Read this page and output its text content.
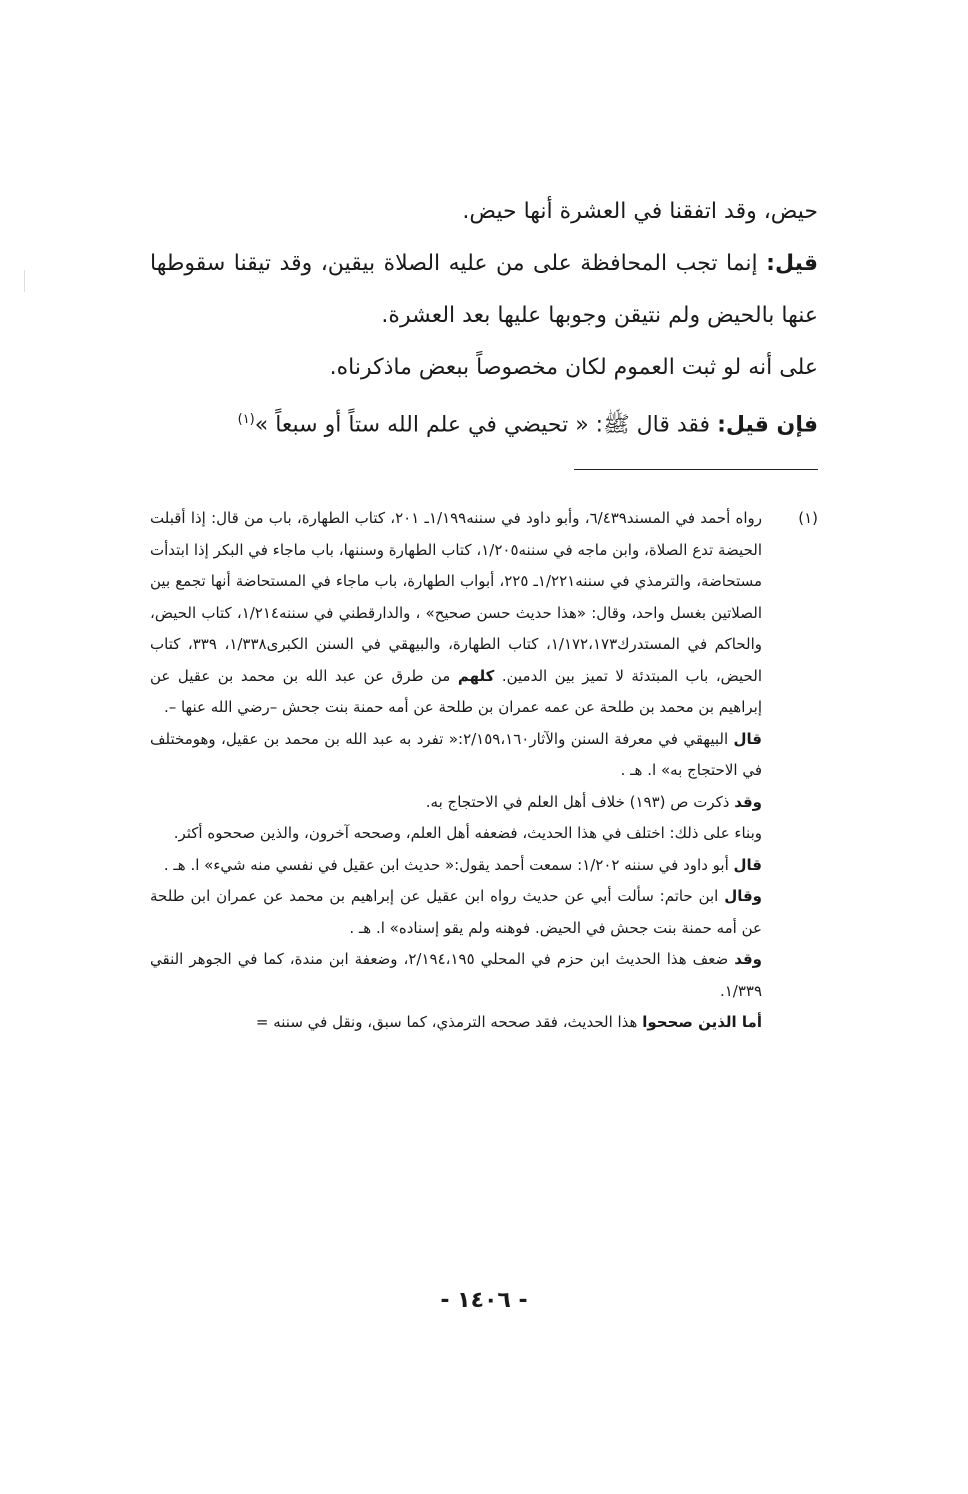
حيض، وقد اتفقنا في العشرة أنها حيض.

قيل: إنما تجب المحافظة على من عليه الصلاة بيقين، وقد تيقنا سقوطها عنها بالحيض ولم نتيقن وجوبها عليها بعد العشرة.

على أنه لو ثبت العموم لكان مخصوصاً ببعض ماذكرناه.

فإن قيل: فقد قال ﷺ: « تحيضي في علم الله ستاً أو سبعاً »$^{(١)}$

(١)

رواه أحمد في المسند٦/٤٣٩، وأبو داود في سننه١/١٩٩ـ ٢٠١، كتاب الطهارة، باب من قال: إذا أقبلت الحيضة تدع الصلاة، وابن ماجه في سننه١/٢٠٥، كتاب الطهارة وسننها، باب ماجاء في البكر إذا ابتدأت مستحاضة، والترمذي في سننه١/٢٢١ـ ٢٢٥، أبواب الطهارة، باب ماجاء في المستحاضة أنها تجمع بين الصلاتين بغسل واحد، وقال: «هذا حديث حسن صحيح» ، والدارقطني في سننه١/٢١٤، كتاب الحيض، والحاكم في المستدرك١/١٧٢،١٧٣، كتاب الطهارة، والبيهقي في السنن الكبرى١/٣٣٨، ٣٣٩، كتاب الحيض، باب المبتدئة لا تميز بين الدمين. كلهم من طرق عن عبد الله بن محمد بن عقيل عن إبراهيم بن محمد بن طلحة عن عمه عمران بن طلحة عن أمه حمنة بنت جحش –رضي الله عنها –.

قال البيهقي في معرفة السنن والآثار٢/١٥٩،١٦٠:« تفرد به عبد الله بن محمد بن عقيل، وهومختلف في الاحتجاج به» ا. هـ .

وقد ذكرت ص (١٩٣) خلاف أهل العلم في الاحتجاج به.

وبناء على ذلك: اختلف في هذا الحديث، فضعفه أهل العلم، وصححه آخرون، والذين صححوه أكثر.

قال أبو داود في سننه ١/٢٠٢: سمعت أحمد يقول:« حديث ابن عقيل في نفسي منه شيء» ا. هـ .

وقال ابن حاتم: سألت أبي عن حديث رواه ابن عقيل عن إبراهيم بن محمد عن عمران ابن طلحة عن أمه حمنة بنت جحش في الحيض. فوهنه ولم يقو إسناده» ا. هـ .

وقد ضعف هذا الحديث ابن حزم في المحلي ٢/١٩٤،١٩٥، وضعفة ابن مندة، كما في الجوهر النقي ١/٣٣٩.

أما الذين صححوا هذا الحديث، فقد صححه الترمذي، كما سبق، ونقل في سننه =

- ١٤٠٦ -
